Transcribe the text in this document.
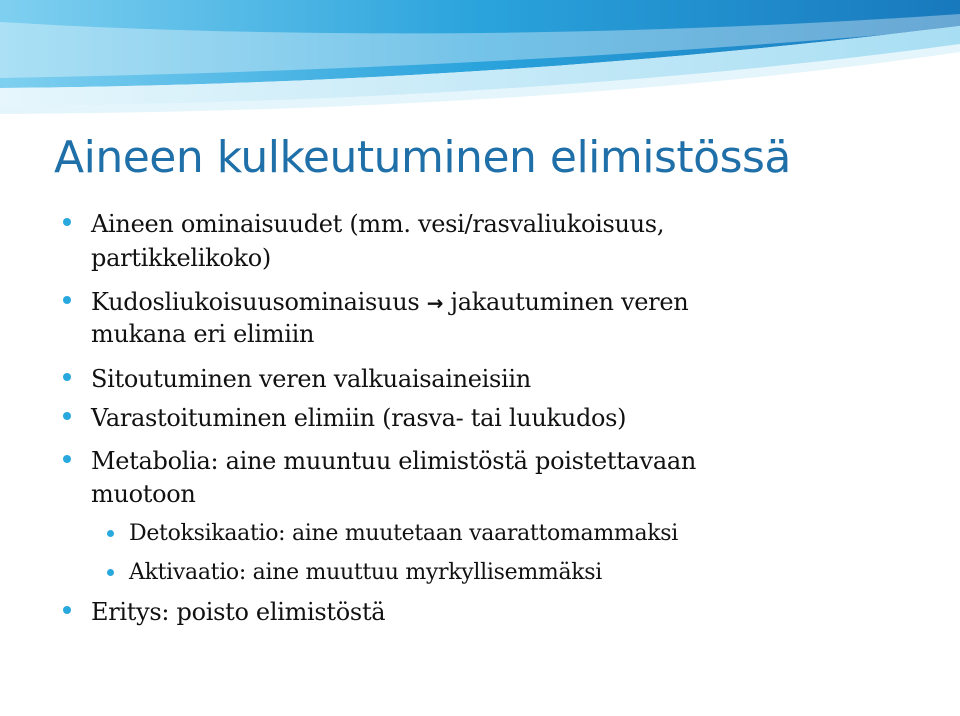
Aineen kulkeutuminen elimistössä
Aineen ominaisuudet (mm. vesi/rasvaliukoisuus,
partikkelikoko)
Kudosliukoisuusominaisuus → jakautuminen veren
mukana eri elimiin
Sitoutuminen veren valkuaisaineisiin
Varastoituminen elimiin (rasva- tai luukudos)
Metabolia: aine muuntuu elimistöstä poistettavaan
muotoon
Detoksikaatio: aine muutetaan vaarattomammaksi
Aktivaatio: aine muuttuu myrkyllisemmäksi
Eritys: poisto elimistöstä
